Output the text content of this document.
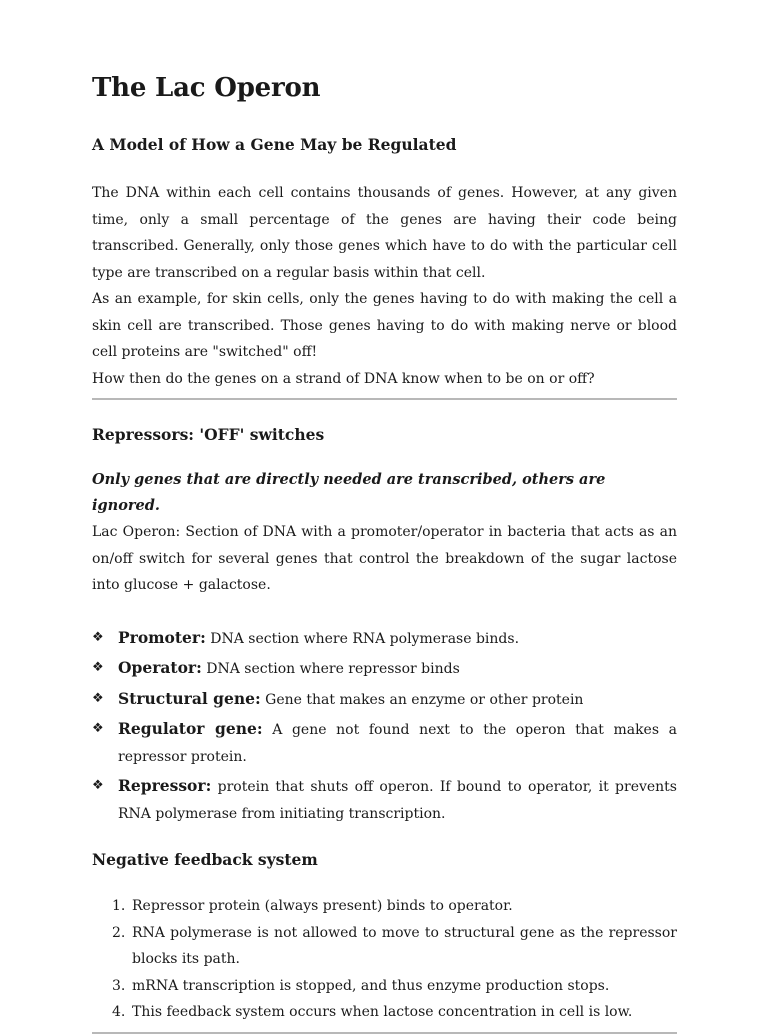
The Lac Operon
A Model of How a Gene May be Regulated

The DNA within each cell contains thousands of genes. However, at any given time, only a small percentage of the genes are having their code being transcribed. Generally, only those genes which have to do with the particular cell type are transcribed on a regular basis within that cell.

As an example, for skin cells, only the genes having to do with making the cell a skin cell are transcribed. Those genes having to do with making nerve or blood cell proteins are "switched" off!

How then do the genes on a strand of DNA know when to be on or off?

Repressors: 'OFF' switches
Only genes that are directly needed are transcribed, others are ignored.

Lac Operon: Section of DNA with a promoter/operator in bacteria that acts as an on/off switch for several genes that control the breakdown of the sugar lactose into glucose + galactose.

❖ Promoter: DNA section where RNA polymerase binds.
❖ Operator: DNA section where repressor binds
❖ Structural gene: Gene that makes an enzyme or other protein
❖ Regulator gene: A gene not found next to the operon that makes a repressor protein.
❖ Repressor: protein that shuts off operon. If bound to operator, it prevents RNA polymerase from initiating transcription.
Negative feedback system
1. Repressor protein (always present) binds to operator.
2. RNA polymerase is not allowed to move to structural gene as the repressor blocks its path.
3. mRNA transcription is stopped, and thus enzyme production stops.
4. This feedback system occurs when lactose concentration in cell is low.
